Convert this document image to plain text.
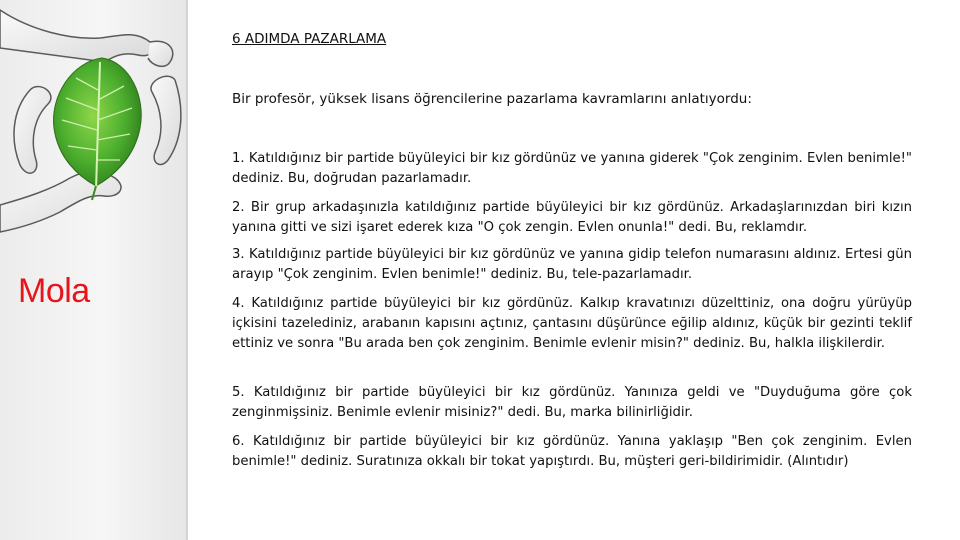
Mola

6 ADIMDA PAZARLAMA

Bir profesör, yüksek lisans öğrencilerine pazarlama kavramlarını anlatıyordu:

1. Katıldığınız bir partide büyüleyici bir kız gördünüz ve yanına giderek "Çok zenginim. Evlen benimle!" dediniz. Bu, doğrudan pazarlamadır.

2. Bir grup arkadaşınızla katıldığınız partide büyüleyici bir kız gördünüz. Arkadaşlarınızdan biri kızın yanına gitti ve sizi işaret ederek kıza "O çok zengin. Evlen onunla!" dedi. Bu, reklamdır.

3. Katıldığınız partide büyüleyici bir kız gördünüz ve yanına gidip telefon numarasını aldınız. Ertesi gün arayıp "Çok zenginim. Evlen benimle!" dediniz. Bu, tele-pazarlamadır.

4. Katıldığınız partide büyüleyici bir kız gördünüz. Kalkıp kravatınızı düzelttiniz, ona doğru yürüyüp içkisini tazelediniz, arabanın kapısını açtınız, çantasını düşürünce eğilip aldınız, küçük bir gezinti teklif ettiniz ve sonra "Bu arada ben çok zenginim. Benimle evlenir misin?" dediniz. Bu, halkla ilişkilerdir.

5. Katıldığınız bir partide büyüleyici bir kız gördünüz. Yanınıza geldi ve "Duyduğuma göre çok zenginmişsiniz. Benimle evlenir misiniz?" dedi. Bu, marka bilinirliğidir.

6. Katıldığınız bir partide büyüleyici bir kız gördünüz. Yanına yaklaşıp "Ben çok zenginim. Evlen benimle!" dediniz. Suratınıza okkalı bir tokat yapıştırdı. Bu, müşteri geri-bildirimidir. (Alıntıdır)
